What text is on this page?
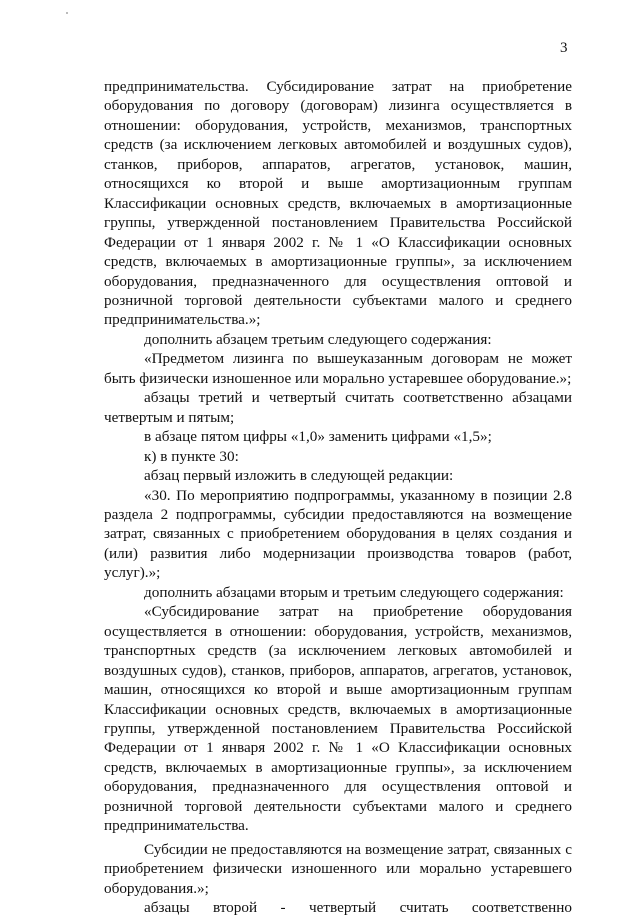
3

предпринимательства. Субсидирование затрат на приобретение оборудования по договору (договорам) лизинга осуществляется в отношении: оборудования, устройств, механизмов, транспортных средств (за исключением легковых автомобилей и воздушных судов), станков, приборов, аппаратов, агрегатов, установок, машин, относящихся ко второй и выше амортизационным группам Классификации основных средств, включаемых в амортизационные группы, утвержденной постановлением Правительства Российской Федерации от 1 января 2002 г. № 1 «О Классификации основных средств, включаемых в амортизационные группы», за исключением оборудования, предназначенного для осуществления оптовой и розничной торговой деятельности субъектами малого и среднего предпринимательства.»;

дополнить абзацем третьим следующего содержания:

«Предметом лизинга по вышеуказанным договорам не может быть физически изношенное или морально устаревшее оборудование.»;

абзацы третий и четвертый считать соответственно абзацами четвертым и пятым;

в абзаце пятом цифры «1,0» заменить цифрами «1,5»;

к) в пункте 30:

абзац первый изложить в следующей редакции:

«30. По мероприятию подпрограммы, указанному в позиции 2.8 раздела 2 подпрограммы, субсидии предоставляются на возмещение затрат, связанных с приобретением оборудования в целях создания и (или) развития либо модернизации производства товаров (работ, услуг).»;

дополнить абзацами вторым и третьим следующего содержания:

«Субсидирование затрат на приобретение оборудования осуществляется в отношении: оборудования, устройств, механизмов, транспортных средств (за исключением легковых автомобилей и воздушных судов), станков, приборов, аппаратов, агрегатов, установок, машин, относящихся ко второй и выше амортизационным группам Классификации основных средств, включаемых в амортизационные группы, утвержденной постановлением Правительства Российской Федерации от 1 января 2002 г. № 1 «О Классификации основных средств, включаемых в амортизационные группы», за исключением оборудования, предназначенного для осуществления оптовой и розничной торговой деятельности субъектами малого и среднего предпринимательства.

Субсидии не предоставляются на возмещение затрат, связанных с приобретением физически изношенного или морально устаревшего оборудования.»;

абзацы второй - четвертый считать соответственно
